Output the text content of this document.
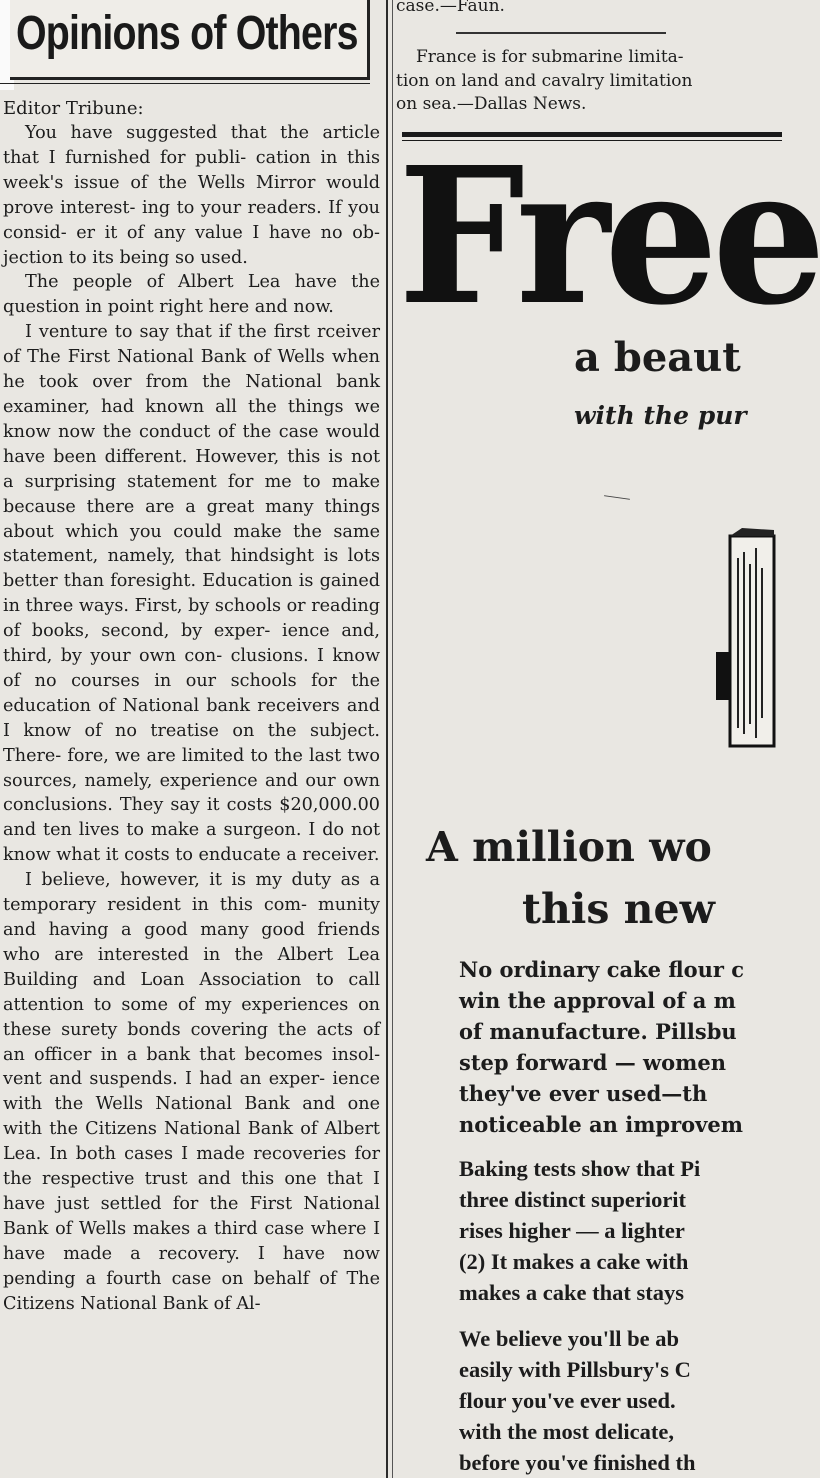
Opinions of Others
Editor Tribune:

You have suggested that the article that I furnished for publi- cation in this week's issue of the Wells Mirror would prove interest- ing to your readers. If you consid- er it of any value I have no ob- jection to its being so used.

The people of Albert Lea have the question in point right here and now.

I venture to say that if the first rceiver of The First National Bank of Wells when he took over from the National bank examiner, had known all the things we know now the conduct of the case would have been different. However, this is not a surprising statement for me to make because there are a great many things about which you could make the same statement, namely, that hindsight is lots better than foresight. Education is gained in three ways. First, by schools or reading of books, second, by exper- ience and, third, by your own con- clusions. I know of no courses in our schools for the education of National bank receivers and I know of no treatise on the subject. There- fore, we are limited to the last two sources, namely, experience and our own conclusions. They say it costs $20,000.00 and ten lives to make a surgeon. I do not know what it costs to enducate a receiver.

I believe, however, it is my duty as a temporary resident in this com- munity and having a good many good friends who are interested in the Albert Lea Building and Loan Association to call attention to some of my experiences on these surety bonds covering the acts of an officer in a bank that becomes insol- vent and suspends. I had an exper- ience with the Wells National Bank and one with the Citizens National Bank of Albert Lea. In both cases I made recoveries for the respective trust and this one that I have just settled for the First National Bank of Wells makes a third case where I have made a recovery. I have now pending a fourth case on behalf of The Citizens National Bank of Al-

case.—Faun.
France is for submarine limita-
tion on land and cavalry limitation
on sea.—Dallas News.
Free
a beaut
with the pur
A million wo
this new
No ordinary cake flour c
win the approval of a m
of manufacture. Pillsbu
step forward — women
they've ever used—th
noticeable an improvem
Baking tests show that Pi
three distinct superiorit
rises higher — a lighter
(2) It makes a cake with
makes a cake that stays
We believe you'll be ab
easily with Pillsbury's C
flour you've ever used.
with the most delicate,
before you've finished th
